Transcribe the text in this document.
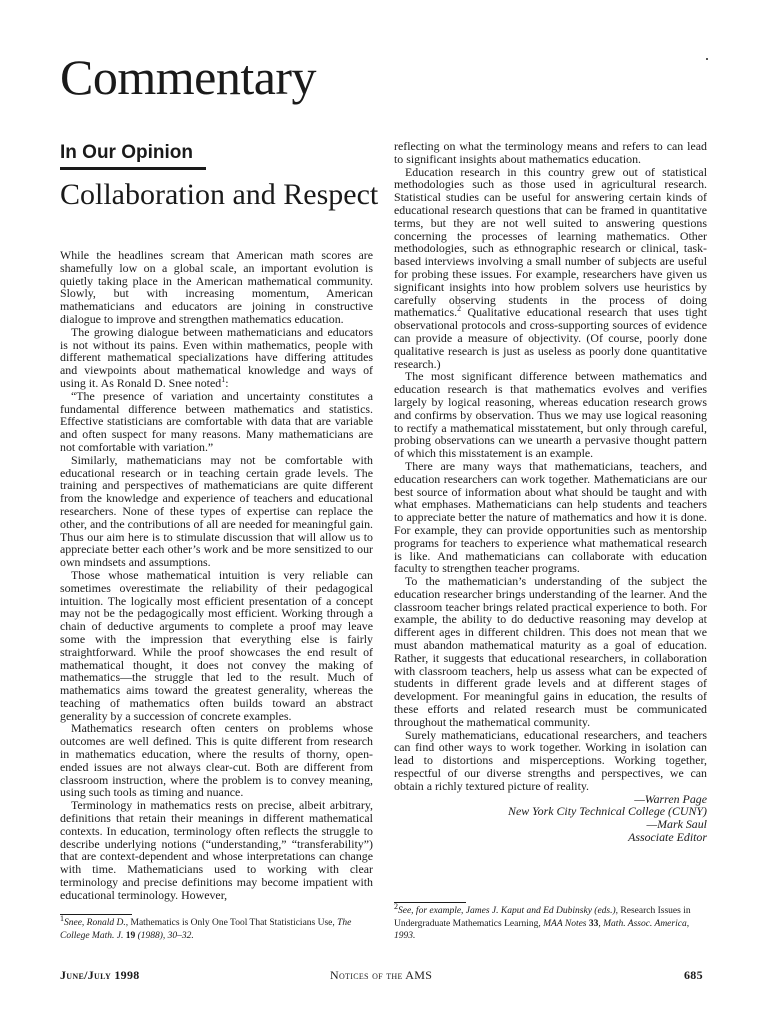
Commentary
In Our Opinion
Collaboration and Respect

While the headlines scream that American math scores are shamefully low on a global scale, an important evolution is quietly taking place in the American mathematical community. Slowly, but with increasing momentum, American mathematicians and educators are joining in constructive dialogue to improve and strengthen mathematics education.

The growing dialogue between mathematicians and educators is not without its pains. Even within mathematics, people with different mathematical specializations have differing attitudes and viewpoints about mathematical knowledge and ways of using it. As Ronald D. Snee noted$^1$:

“The presence of variation and uncertainty constitutes a fundamental difference between mathematics and statistics. Effective statisticians are comfortable with data that are variable and often suspect for many reasons. Many mathematicians are not comfortable with variation.”

Similarly, mathematicians may not be comfortable with educational research or in teaching certain grade levels. The training and perspectives of mathematicians are quite different from the knowledge and experience of teachers and educational researchers. None of these types of expertise can replace the other, and the contributions of all are needed for meaningful gain. Thus our aim here is to stimulate discussion that will allow us to appreciate better each other’s work and be more sensitized to our own mindsets and assumptions.

Those whose mathematical intuition is very reliable can sometimes overestimate the reliability of their pedagogical intuition. The logically most efficient presentation of a concept may not be the pedagogically most efficient. Working through a chain of deductive arguments to complete a proof may leave some with the impression that everything else is fairly straightforward. While the proof showcases the end result of mathematical thought, it does not convey the making of mathematics—the struggle that led to the result. Much of mathematics aims toward the greatest generality, whereas the teaching of mathematics often builds toward an abstract generality by a succession of concrete examples.

Mathematics research often centers on problems whose outcomes are well defined. This is quite different from research in mathematics education, where the results of thorny, open-ended issues are not always clear-cut. Both are different from classroom instruction, where the problem is to convey meaning, using such tools as timing and nuance.

Terminology in mathematics rests on precise, albeit arbitrary, definitions that retain their meanings in different mathematical contexts. In education, terminology often reflects the struggle to describe underlying notions (“understanding,” “transferability”) that are context-dependent and whose interpretations can change with time. Mathematicians used to working with clear terminology and precise definitions may become impatient with educational terminology. However,

$^1$Snee, Ronald D., Mathematics is Only One Tool That Statisticians Use, The College Math. J. 19 (1988), 30–32.

reflecting on what the terminology means and refers to can lead to significant insights about mathematics education.

Education research in this country grew out of statistical methodologies such as those used in agricultural research. Statistical studies can be useful for answering certain kinds of educational research questions that can be framed in quantitative terms, but they are not well suited to answering questions concerning the processes of learning mathematics. Other methodologies, such as ethnographic research or clinical, task-based interviews involving a small number of subjects are useful for probing these issues. For example, researchers have given us significant insights into how problem solvers use heuristics by carefully observing students in the process of doing mathematics.$^2$ Qualitative educational research that uses tight observational protocols and cross-supporting sources of evidence can provide a measure of objectivity. (Of course, poorly done qualitative research is just as useless as poorly done quantitative research.)

The most significant difference between mathematics and education research is that mathematics evolves and verifies largely by logical reasoning, whereas education research grows and confirms by observation. Thus we may use logical reasoning to rectify a mathematical misstatement, but only through careful, probing observations can we unearth a pervasive thought pattern of which this misstatement is an example.

There are many ways that mathematicians, teachers, and education researchers can work together. Mathematicians are our best source of information about what should be taught and with what emphases. Mathematicians can help students and teachers to appreciate better the nature of mathematics and how it is done. For example, they can provide opportunities such as mentorship programs for teachers to experience what mathematical research is like. And mathematicians can collaborate with education faculty to strengthen teacher programs.

To the mathematician’s understanding of the subject the education researcher brings understanding of the learner. And the classroom teacher brings related practical experience to both. For example, the ability to do deductive reasoning may develop at different ages in different children. This does not mean that we must abandon mathematical maturity as a goal of education. Rather, it suggests that educational researchers, in collaboration with classroom teachers, help us assess what can be expected of students in different grade levels and at different stages of development. For meaningful gains in education, the results of these efforts and related research must be communicated throughout the mathematical community.

Surely mathematicians, educational researchers, and teachers can find other ways to work together. Working in isolation can lead to distortions and misperceptions. Working together, respectful of our diverse strengths and perspectives, we can obtain a richly textured picture of reality.

—Warren Page

New York City Technical College (CUNY)

—Mark Saul

Associate Editor

$^2$See, for example, James J. Kaput and Ed Dubinsky (eds.), Research Issues in Undergraduate Mathematics Learning, MAA Notes 33, Math. Assoc. America, 1993.
June/July 1998	Notices of the AMS	685
